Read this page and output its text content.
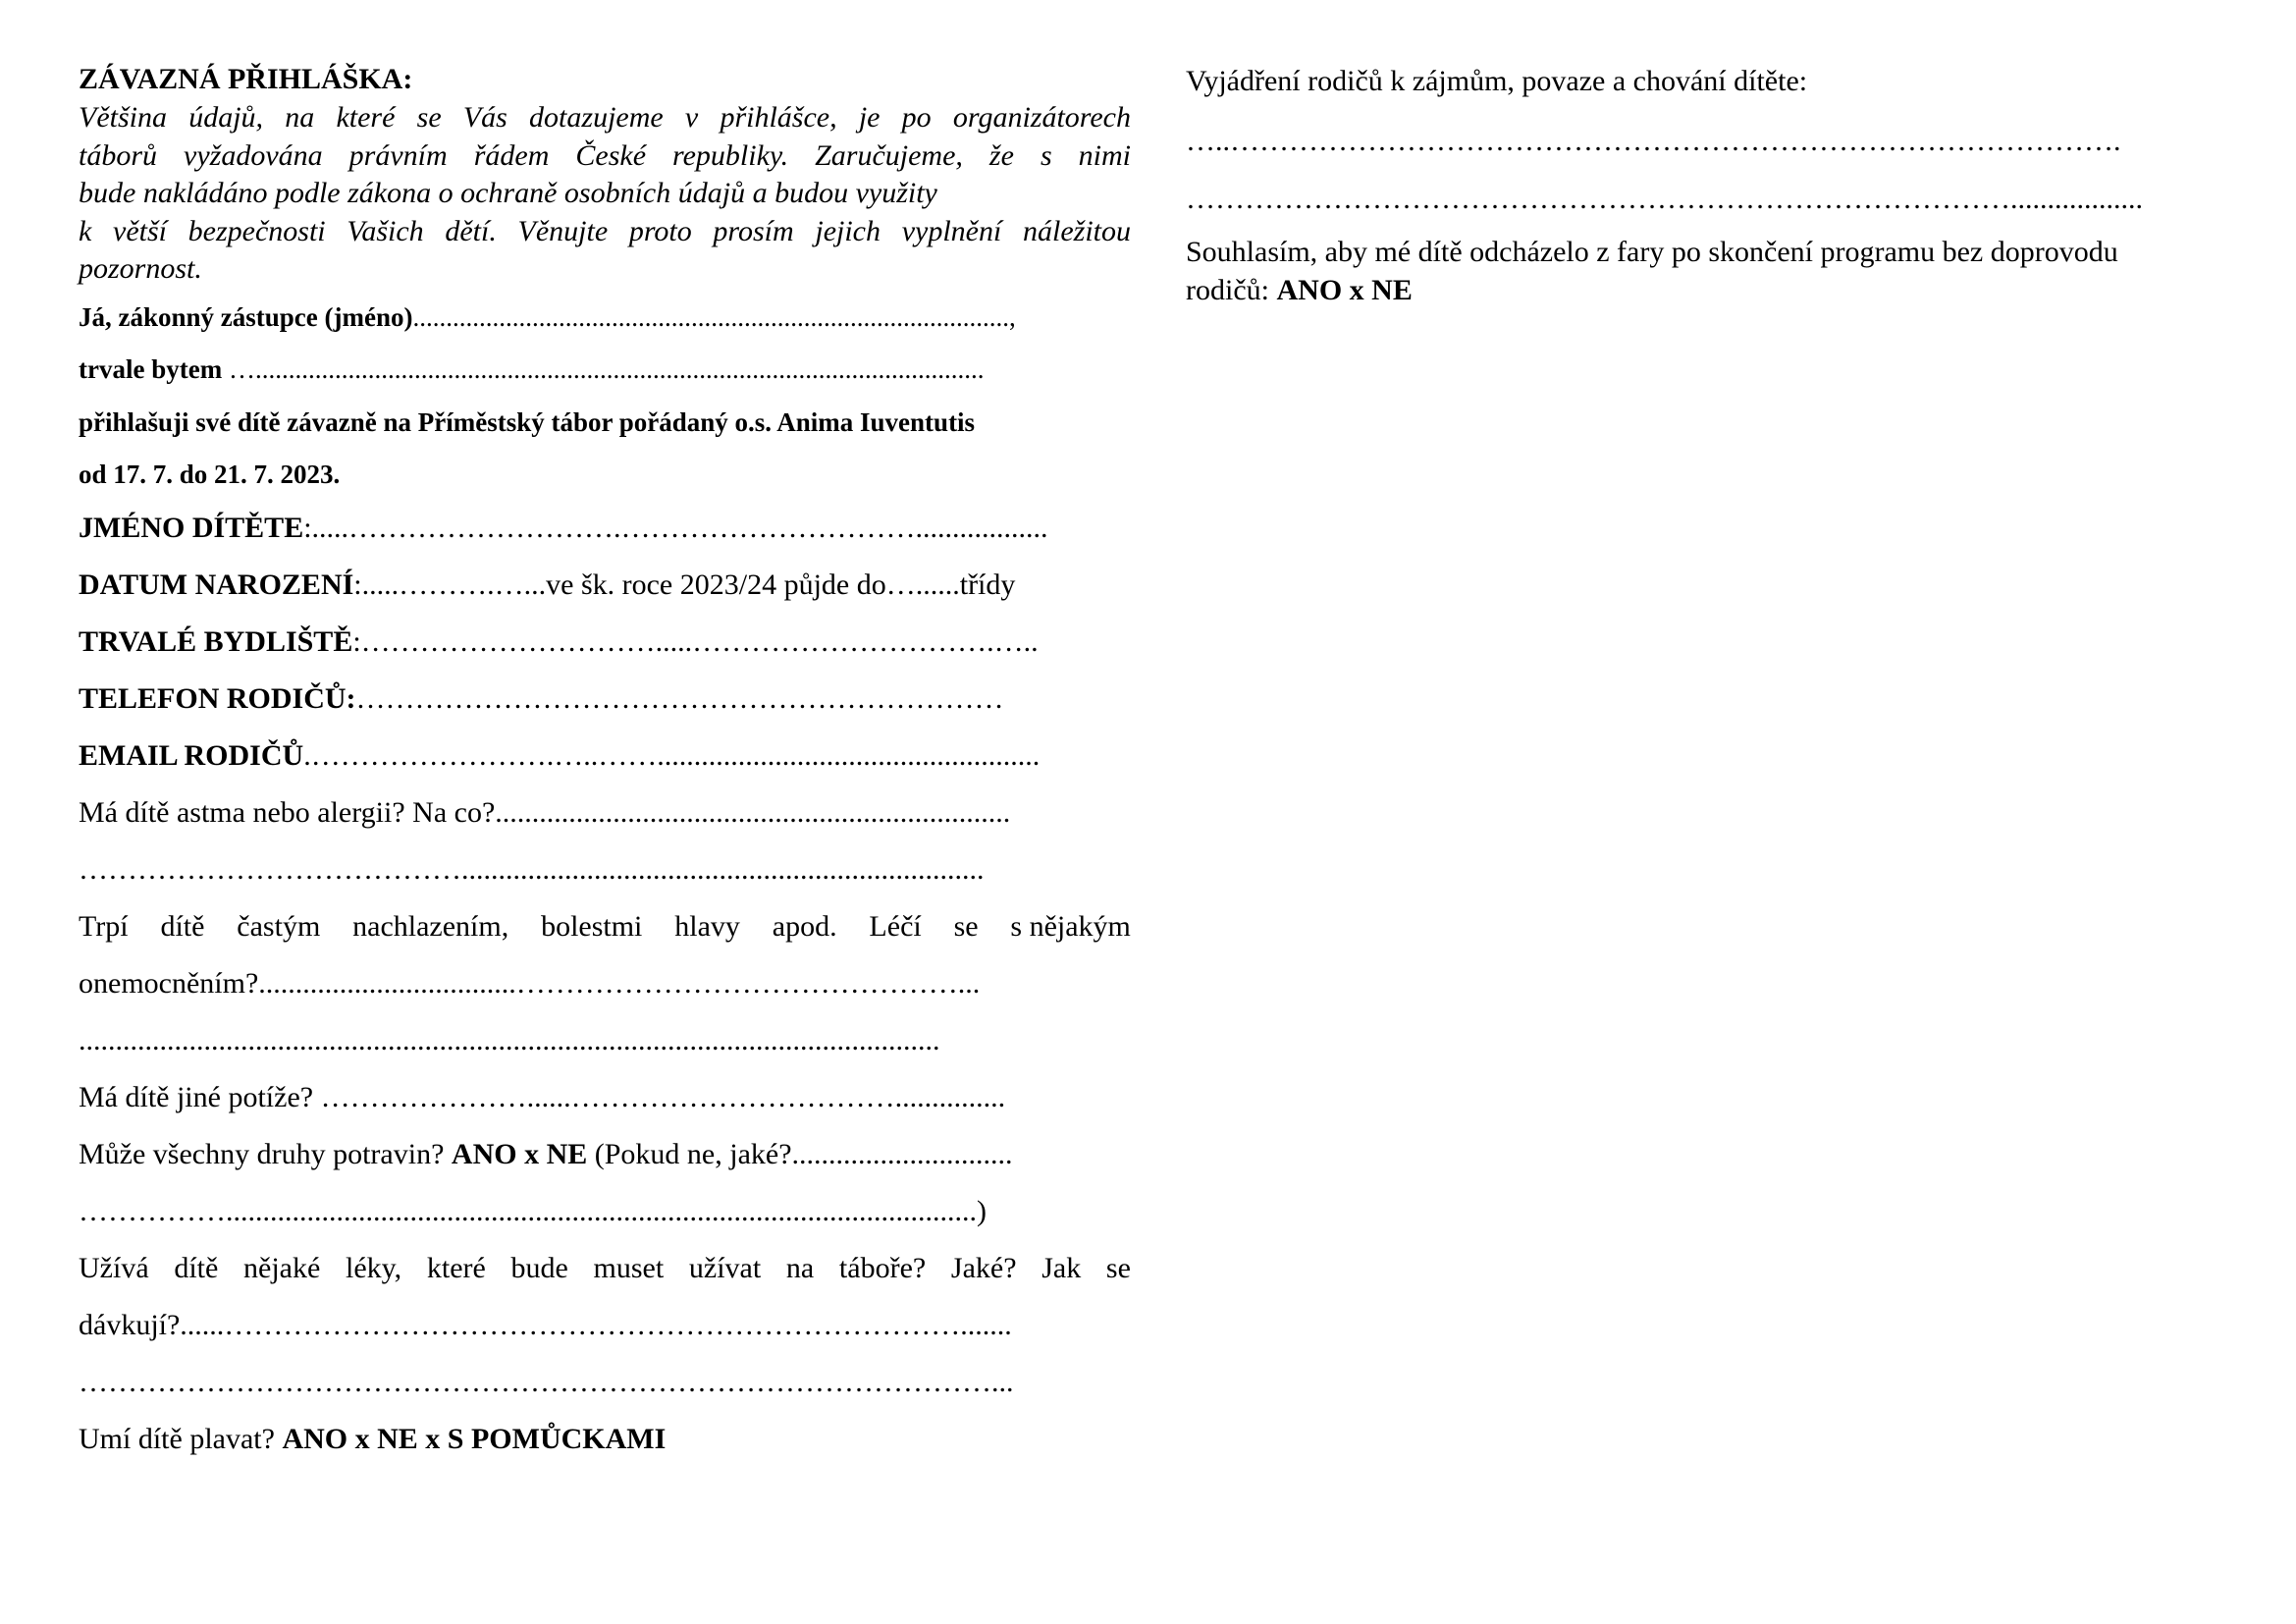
ZÁVAZNÁ PŘIHLÁŠKA:
Většina údajů, na které se Vás dotazujeme v přihlášce, je po organizátorech
táborů vyžadována právním řádem České republiky. Zaručujeme, že s nimi
bude nakládáno podle zákona o ochraně osobních údajů a budou využity
k větší bezpečnosti Vašich dětí. Věnujte proto prosím jejich vyplnění náležitou
pozornost.
Já, zákonný zástupce (jméno)..........................................................................................,
trvale bytem …..............................................................................................................
přihlašuji své dítě závazně na Příměstský tábor pořádaný o.s. Anima Iuventutis
od 17. 7. do 21. 7. 2023.
JMÉNO DÍTĚTE:.....……………………….…………………………..................
DATUM NAROZENÍ:.....……….…...ve šk. roce 2023/24 půjde do…......třídy
TRVALÉ BYDLIŠTĚ:………………………….....………………………….…..
TELEFON RODIČŮ:…………………………………………………………
EMAIL RODIČŮ.…………………….…..……....................................................
Má dítě astma nebo alergii? Na co?......................................................................
………………………………….......................................................................
Trpí dítě častým nachlazením, bolestmi hlavy apod. Léčí se s nějakým
onemocněním?...................................………………………………………...
.....................................................................................................................
Má dítě jiné potíže? …………………......……………………………...............
Může všechny druhy potravin? ANO x NE (Pokud ne, jaké?..............................
……………......................................................................................................)
Užívá dítě nějaké léky, které bude muset užívat na táboře? Jaké? Jak se
dávkují?......………………………………………………………………….......
…………………………………………………………………………………...
Umí dítě plavat? ANO x NE x S POMŮCKAMI
Vyjádření rodičů k zájmům, povaze a chování dítěte:
…..……………………………………………………………………………….
…………………………………………………………………………..................
Souhlasím, aby mé dítě odcházelo z fary po skončení programu bez doprovodu
rodičů: ANO x NE
